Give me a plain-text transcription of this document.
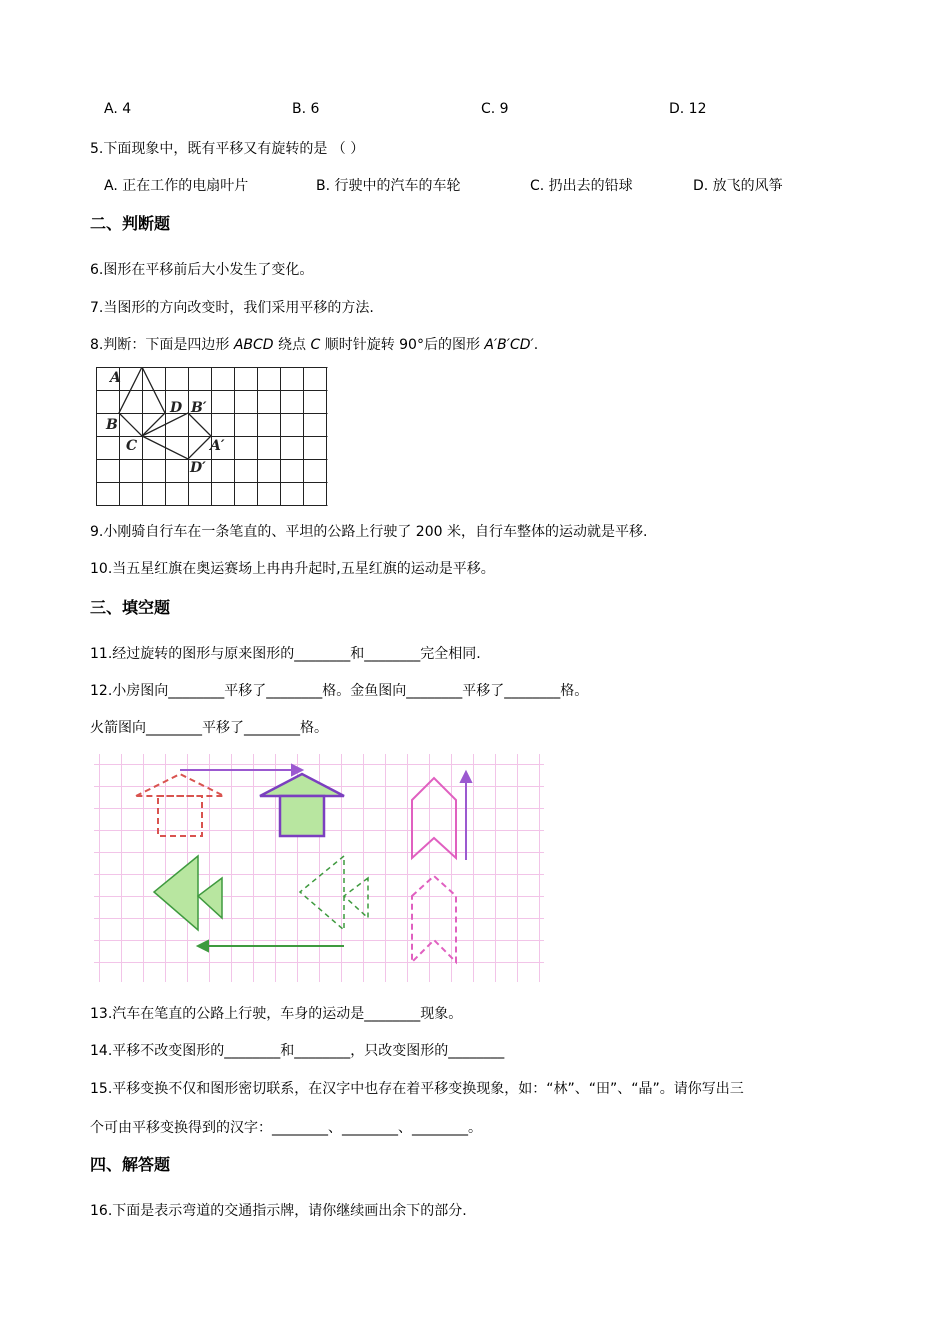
A. 4	B. 6	C. 9	D. 12
5.下面现象中，既有平移又有旋转的是 （ ）
A. 正在工作的电扇叶片	B. 行驶中的汽车的车轮	C. 扔出去的铅球	D. 放飞的风筝
二、判断题
6.图形在平移前后大小发生了变化。
7.当图形的方向改变时，我们采用平移的方法.
8.判断：下面是四边形 ABCD 绕点 C 顺时针旋转 90°后的图形 A′B′CD′.
A
B
C
D B′
A′
D′
9.小刚骑自行车在一条笔直的、平坦的公路上行驶了 200 米，自行车整体的运动就是平移.
10.当五星红旗在奥运赛场上冉冉升起时,五星红旗的运动是平移。
三、填空题
11.经过旋转的图形与原来图形的________和________完全相同.
12.小房图向________平移了________格。金鱼图向________平移了________格。
火箭图向________平移了________格。
13.汽车在笔直的公路上行驶，车身的运动是________现象。
14.平移不改变图形的________和________，只改变图形的________
15.平移变换不仅和图形密切联系，在汉字中也存在着平移变换现象，如：“林”、“田”、“晶”。请你写出三
个可由平移变换得到的汉字：________、________、________。
四、解答题
16.下面是表示弯道的交通指示牌，请你继续画出余下的部分.
